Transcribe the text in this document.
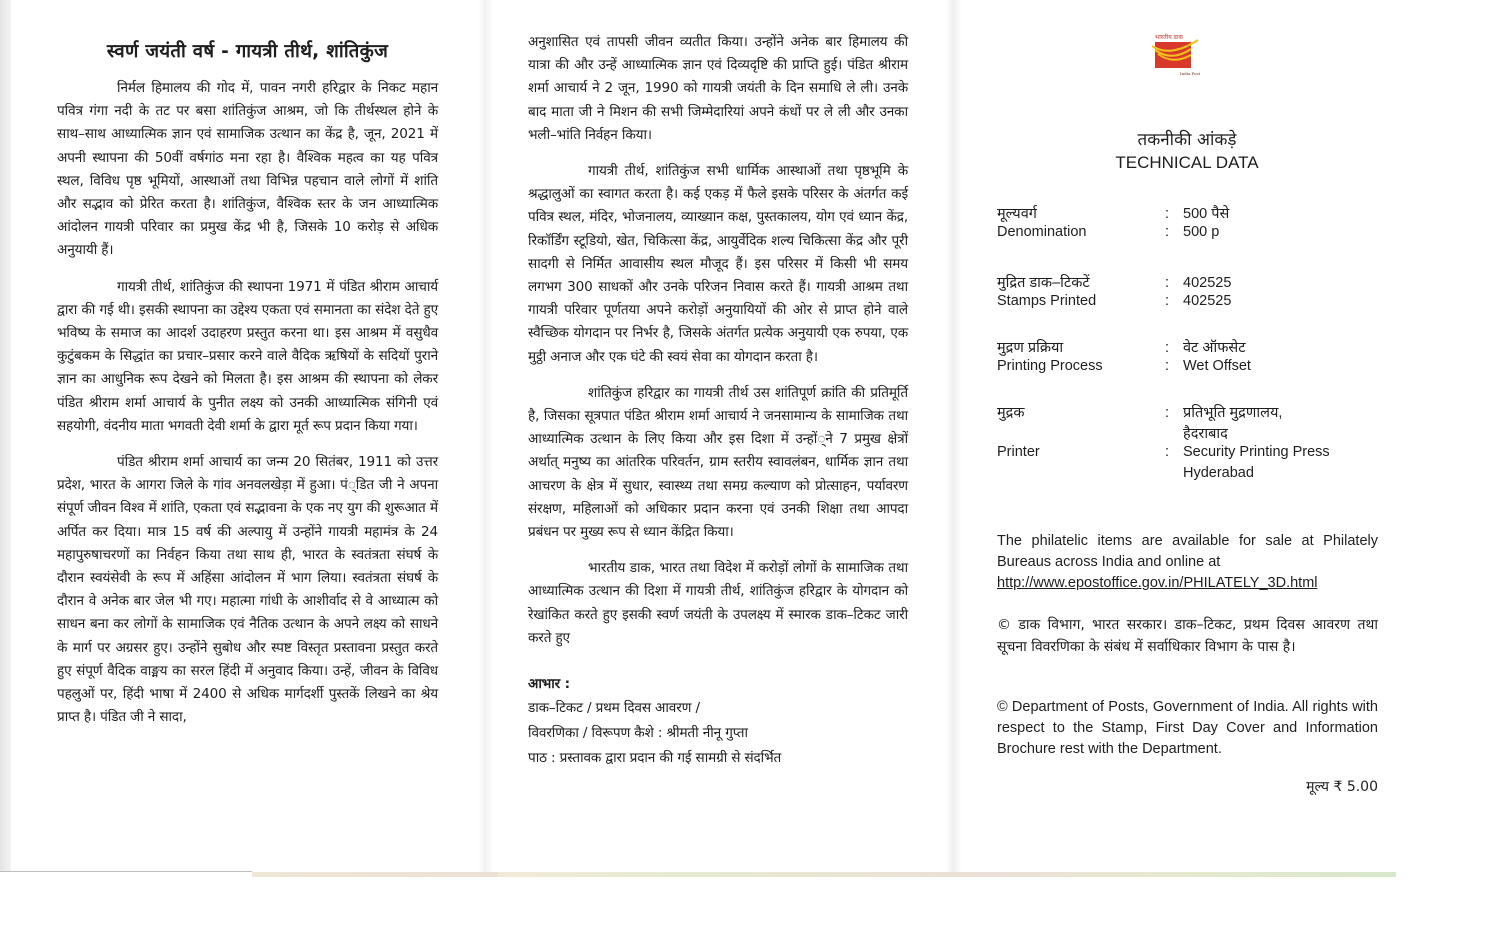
स्वर्ण जयंती वर्ष - गायत्री तीर्थ, शांतिकुंज

निर्मल हिमालय की गोद में, पावन नगरी हरिद्वार के निकट महान पवित्र गंगा नदी के तट पर बसा शांतिकुंज आश्रम, जो कि तीर्थस्थल होने के साथ–साथ आध्यात्मिक ज्ञान एवं सामाजिक उत्थान का केंद्र है, जून, 2021 में अपनी स्थापना की 50वीं वर्षगांठ मना रहा है। वैश्विक महत्व का यह पवित्र स्थल, विविध पृष्ठ भूमियों, आस्थाओं तथा विभिन्न पहचान वाले लोगों में शांति और सद्भाव को प्रेरित करता है। शांतिकुंज, वैश्विक स्तर के जन आध्यात्मिक आंदोलन गायत्री परिवार का प्रमुख केंद्र भी है, जिसके 10 करोड़ से अधिक अनुयायी हैं।

गायत्री तीर्थ, शांतिकुंज की स्थापना 1971 में पंडित श्रीराम आचार्य द्वारा की गई थी। इसकी स्थापना का उद्देश्य एकता एवं समानता का संदेश देते हुए भविष्य के समाज का आदर्श उदाहरण प्रस्तुत करना था। इस आश्रम में वसुधैव कुटुंबकम के सिद्धांत का प्रचार–प्रसार करने वाले वैदिक ऋषियों के सदियों पुराने ज्ञान का आधुनिक रूप देखने को मिलता है। इस आश्रम की स्थापना को लेकर पंडित श्रीराम शर्मा आचार्य के पुनीत लक्ष्य को उनकी आध्यात्मिक संगिनी एवं सहयोगी, वंदनीय माता भगवती देवी शर्मा के द्वारा मूर्त रूप प्रदान किया गया।

पंडित श्रीराम शर्मा आचार्य का जन्म 20 सितंबर, 1911 को उत्तर प्रदेश, भारत के आगरा जिले के गांव अनवलखेड़ा में हुआ। पं्डित जी ने अपना संपूर्ण जीवन विश्व में शांति, एकता एवं सद्भावना के एक नए युग की शुरूआत में अर्पित कर दिया। मात्र 15 वर्ष की अल्पायु में उन्होंने गायत्री महामंत्र के 24 महापुरुषाचरणों का निर्वहन किया तथा साथ ही, भारत के स्वतंत्रता संघर्ष के दौरान स्वयंसेवी के रूप में अहिंसा आंदोलन में भाग लिया। स्वतंत्रता संघर्ष के दौरान वे अनेक बार जेल भी गए। महात्मा गांधी के आशीर्वाद से वे आध्यात्म को साधन बना कर लोगों के सामाजिक एवं नैतिक उत्थान के अपने लक्ष्य को साधने के मार्ग पर अग्रसर हुए। उन्होंने सुबोध और स्पष्ट विस्तृत प्रस्तावना प्रस्तुत करते हुए संपूर्ण वैदिक वाङ्मय का सरल हिंदी में अनुवाद किया। उन्हें, जीवन के विविध पहलुओं पर, हिंदी भाषा में 2400 से अधिक मार्गदर्शी पुस्तकें लिखने का श्रेय प्राप्त है। पंडित जी ने सादा,

अनुशासित एवं तापसी जीवन व्यतीत किया। उन्होंने अनेक बार हिमालय की यात्रा की और उन्हें आध्यात्मिक ज्ञान एवं दिव्यदृष्टि की प्राप्ति हुई। पंडित श्रीराम शर्मा आचार्य ने 2 जून, 1990 को गायत्री जयंती के दिन समाधि ले ली। उनके बाद माता जी ने मिशन की सभी जिम्मेदारियां अपने कंधों पर ले ली और उनका भली–भांति निर्वहन किया।

गायत्री तीर्थ, शांतिकुंज सभी धार्मिक आस्थाओं तथा पृष्ठभूमि के श्रद्धालुओं का स्वागत करता है। कई एकड़ में फैले इसके परिसर के अंतर्गत कई पवित्र स्थल, मंदिर, भोजनालय, व्याख्यान कक्ष, पुस्तकालय, योग एवं ध्यान केंद्र, रिकॉर्डिंग स्टूडियो, खेत, चिकित्सा केंद्र, आयुर्वेदिक शल्य चिकित्सा केंद्र और पूरी सादगी से निर्मित आवासीय स्थल मौजूद हैं। इस परिसर में किसी भी समय लगभग 300 साधकों और उनके परिजन निवास करते हैं। गायत्री आश्रम तथा गायत्री परिवार पूर्णतया अपने करोड़ों अनुयायियों की ओर से प्राप्त होने वाले स्वैच्छिक योगदान पर निर्भर है, जिसके अंतर्गत प्रत्येक अनुयायी एक रुपया, एक मुट्ठी अनाज और एक घंटे की स्वयं सेवा का योगदान करता है।

शांतिकुंज हरिद्वार का गायत्री तीर्थ उस शांतिपूर्ण क्रांति की प्रतिमूर्ति है, जिसका सूत्रपात पंडित श्रीराम शर्मा आचार्य ने जनसामान्य के सामाजिक तथा आध्यात्मिक उत्थान के लिए किया और इस दिशा में उन्हों्ने 7 प्रमुख क्षेत्रों अर्थात् मनुष्य का आंतरिक परिवर्तन, ग्राम स्तरीय स्वावलंबन, धार्मिक ज्ञान तथा आचरण के क्षेत्र में सुधार, स्वास्थ्य तथा समग्र कल्याण को प्रोत्साहन, पर्यावरण संरक्षण, महिलाओं को अधिकार प्रदान करना एवं उनकी शिक्षा तथा आपदा प्रबंधन पर मुख्य रूप से ध्यान केंद्रित किया।

भारतीय डाक, भारत तथा विदेश में करोड़ों लोगों के सामाजिक तथा आध्यात्मिक उत्थान की दिशा में गायत्री तीर्थ, शांतिकुंज हरिद्वार के योगदान को रेखांकित करते हुए इसकी स्वर्ण जयंती के उपलक्ष्य में स्मारक डाक–टिकट जारी करते हुए

आभार :
डाक–टिकट / प्रथम दिवस आवरण /
विवरणिका / विरूपण कैशे : श्रीमती नीनू गुप्ता
पाठ : प्रस्तावक द्वारा प्रदान की गई सामग्री से संदर्भित
भारतीय डाक
India Post
तकनीकी आंकड़े
TECHNICAL DATA
मूल्यवर्ग	: 500 पैसे
Denomination	: 500 p
मुद्रित डाक–टिकटें	: 402525
Stamps Printed	: 402525
मुद्रण प्रक्रिया	: वेट ऑफसेट
Printing Process	: Wet Offset
मुद्रक	: प्रतिभूति मुद्रणालय,
हैदराबाद
Printer	: Security Printing Press
Hyderabad
The philatelic items are available for sale at Philately Bureaus across India and online at
http://www.epostoffice.gov.in/PHILATELY_3D.html
© डाक विभाग, भारत सरकार। डाक–टिकट, प्रथम दिवस आवरण तथा सूचना विवरणिका के संबंध में सर्वाधिकार विभाग के पास है।
© Department of Posts, Government of India. All rights with respect to the Stamp, First Day Cover and Information Brochure rest with the Department.
मूल्य ₹ 5.00
